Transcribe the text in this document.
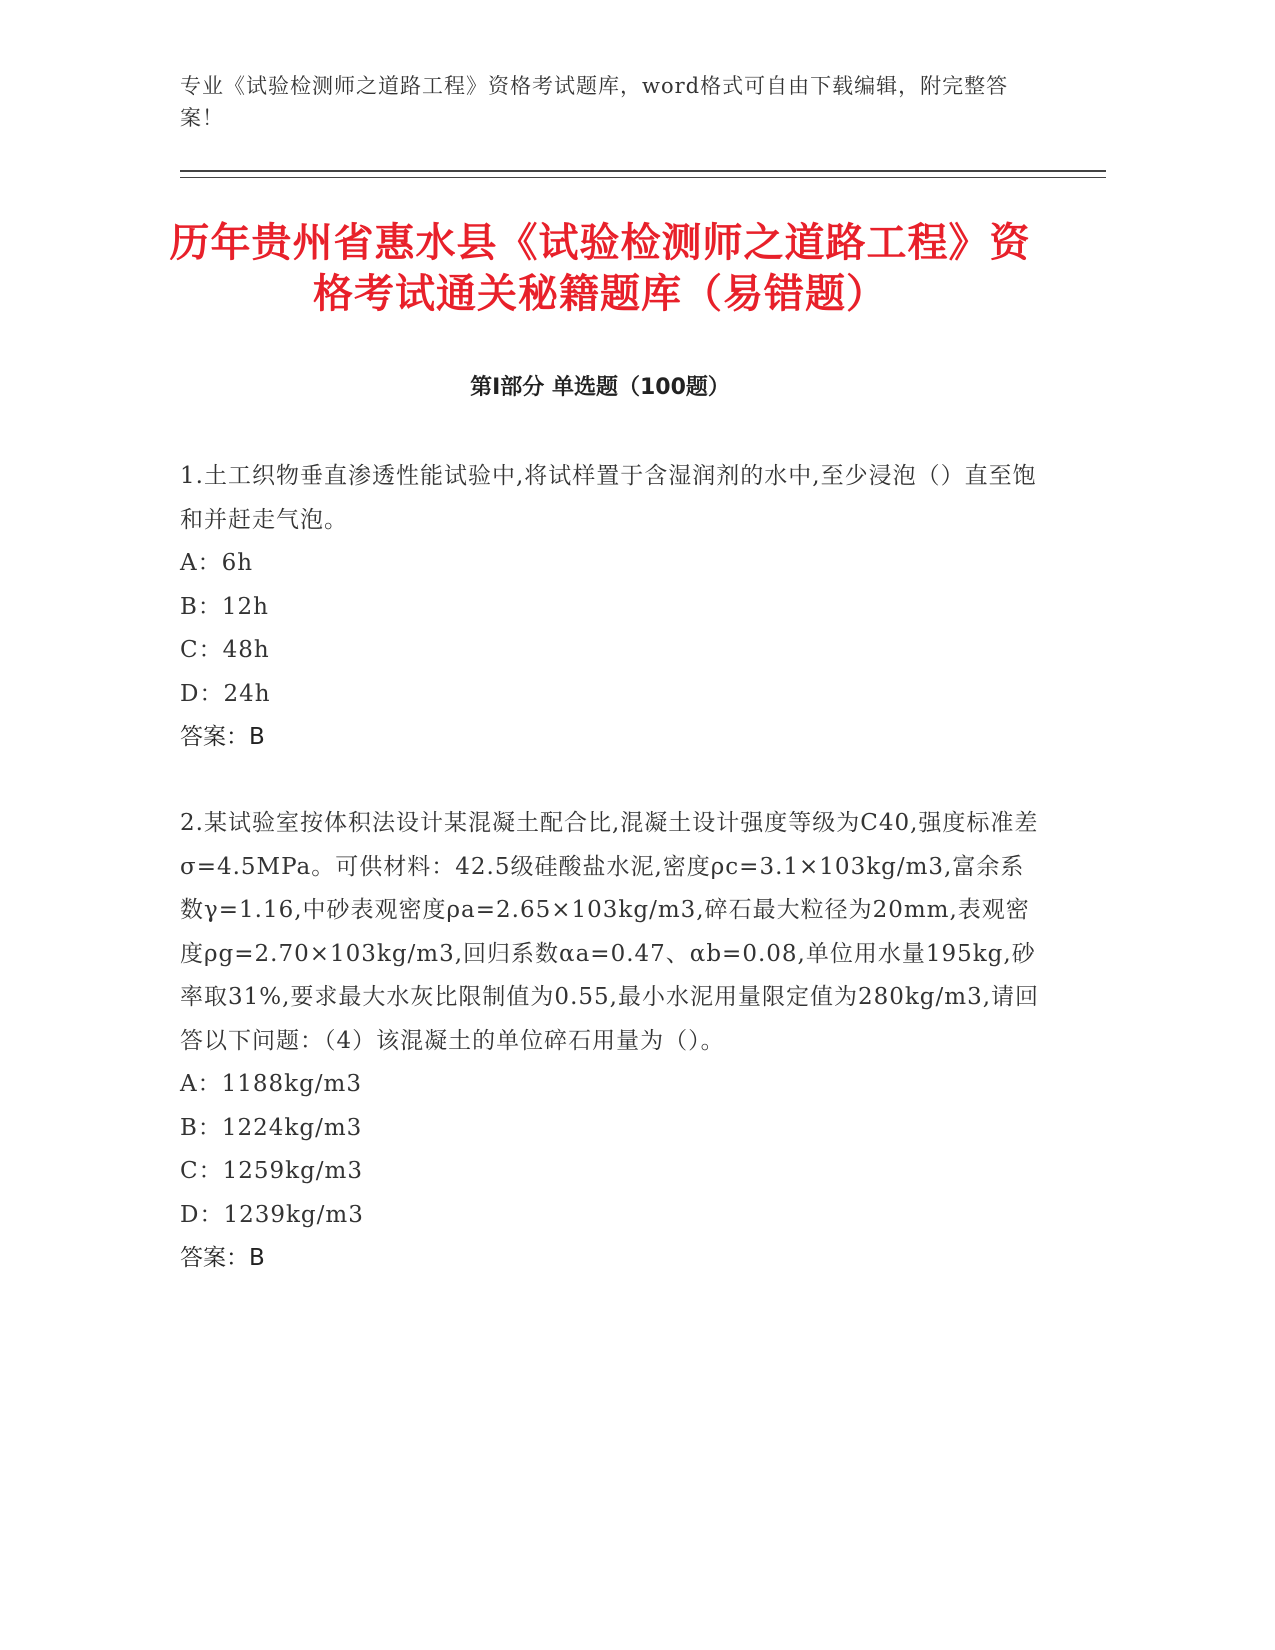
专业《试验检测师之道路工程》资格考试题库，word格式可自由下载编辑，附完整答案！
历年贵州省惠水县《试验检测师之道路工程》资格考试通关秘籍题库（易错题）
第I部分 单选题（100题）
1.土工织物垂直渗透性能试验中,将试样置于含湿润剂的水中,至少浸泡（）直至饱和并赶走气泡。
A：6h
B：12h
C：48h
D：24h
答案：B
2.某试验室按体积法设计某混凝土配合比,混凝土设计强度等级为C40,强度标准差σ=4.5MPa。可供材料：42.5级硅酸盐水泥,密度ρc=3.1×103kg/m3,富余系数γ=1.16,中砂表观密度ρa=2.65×103kg/m3,碎石最大粒径为20mm,表观密度ρg=2.70×103kg/m3,回归系数αa=0.47、αb=0.08,单位用水量195kg,砂率取31%,要求最大水灰比限制值为0.55,最小水泥用量限定值为280kg/m3,请回答以下问题：（4）该混凝土的单位碎石用量为（）。
A：1188kg/m3
B：1224kg/m3
C：1259kg/m3
D：1239kg/m3
答案：B
